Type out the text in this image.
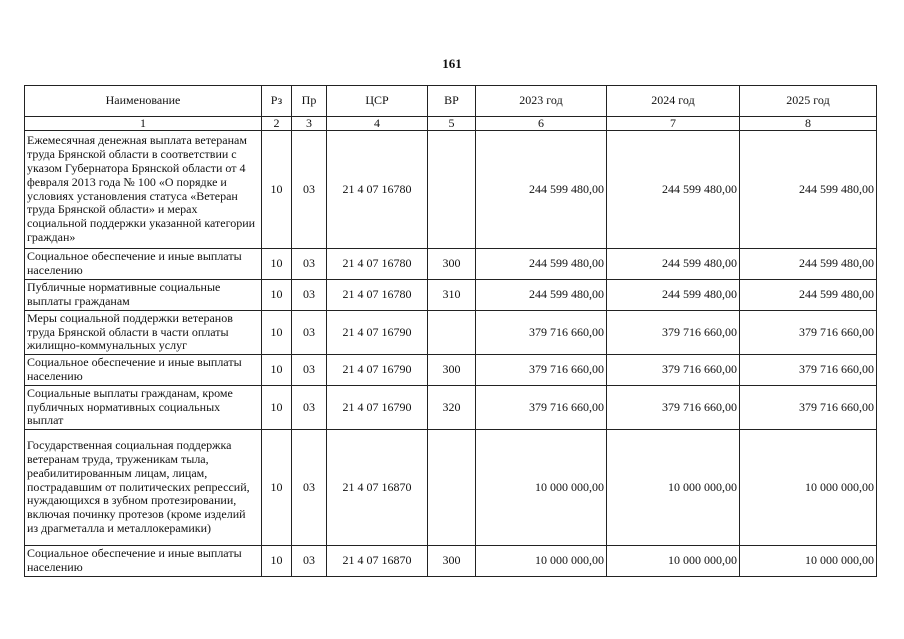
161
Наименование	Рз	Пр	ЦСР	ВР	2023 год	2024 год	2025 год
1	2	3	4	5	6	7	8
Ежемесячная денежная выплата ветеранам труда Брянской области в соответствии с указом Губернатора Брянской области от 4 февраля 2013 года № 100 «О порядке и условиях установления статуса «Ветеран труда Брянской области» и мерах социальной поддержки указанной категории граждан»	10	03	21 4 07 16780		244 599 480,00	244 599 480,00	244 599 480,00
Социальное обеспечение и иные выплаты населению	10	03	21 4 07 16780	300	244 599 480,00	244 599 480,00	244 599 480,00
Публичные нормативные социальные выплаты гражданам	10	03	21 4 07 16780	310	244 599 480,00	244 599 480,00	244 599 480,00
Меры социальной поддержки ветеранов труда Брянской области в части оплаты жилищно-коммунальных услуг	10	03	21 4 07 16790		379 716 660,00	379 716 660,00	379 716 660,00
Социальное обеспечение и иные выплаты населению	10	03	21 4 07 16790	300	379 716 660,00	379 716 660,00	379 716 660,00
Социальные выплаты гражданам, кроме публичных нормативных социальных выплат	10	03	21 4 07 16790	320	379 716 660,00	379 716 660,00	379 716 660,00
Государственная социальная поддержка ветеранам труда, труженикам тыла, реабилитированным лицам, лицам, пострадавшим от политических репрессий, нуждающихся в зубном протезировании, включая починку протезов (кроме изделий из драгметалла и металлокерамики)	10	03	21 4 07 16870		10 000 000,00	10 000 000,00	10 000 000,00
Социальное обеспечение и иные выплаты населению	10	03	21 4 07 16870	300	10 000 000,00	10 000 000,00	10 000 000,00
